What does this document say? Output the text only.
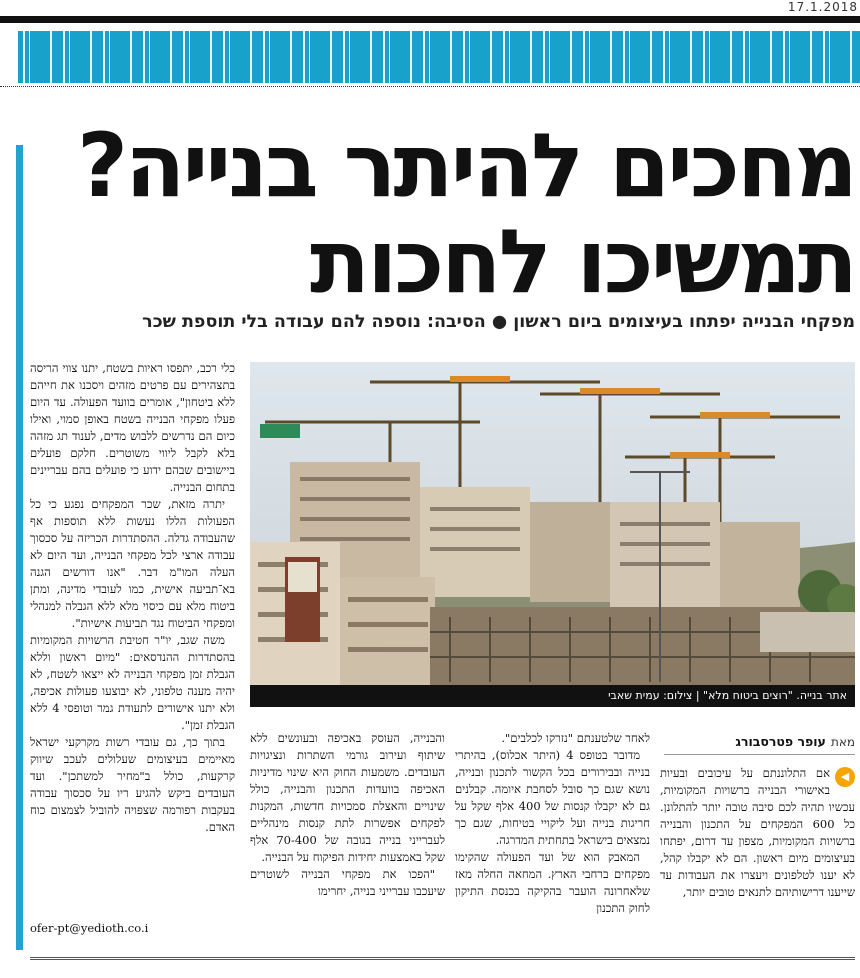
17.1.2018
מחכים להיתר בנייה?
תמשיכו לחכות
מפקחי הבנייה יפתחו בעיצומים ביום ראשון ● הסיבה: נוספה להם עבודה בלי תוספת שכר
אתר בנייה. "רוצים ביטוח מלא" | צילום: עמית שאבי
מאת עופר פטרסבורג
◀

אם התלוננתם על עיכובים ובעיות באישורי הבנייה ברשויות המקומיות, עכשיו תהיה לכם סיבה טובה יותר להתלונן. כל 600 המפקחים על התכנון והבנייה ברשויות המקומיות, מצפון עד דרום, יפתחו בעיצומים מיום ראשון. הם לא יקבלו קהל, לא יענו לטלפונים ויעצרו את העבודות עד שייענו דרישותיהם לתנאים טובים יותר,

לאחר שלטענתם "נזרקו לכלבים".

מדובר בטופס 4 (היתר אכלוס), בהיתרי בנייה ובבירורים בכל הקשור לתכנון ובנייה, נושא שגם כך סובל לסחבת איומה. קבלנים גם לא יקבלו קנסות של 400 אלף שקל על חריגות בנייה ועל ליקויי בטיחות, שגם כך נמצאים בישראל בתחתית המדרגה.

המאבק הוא של ועד הפעולה שהקימו מפקחים ברחבי הארץ. המחאה החלה מאז שלאחרונה הועבר בהקיקה בכנסת התיקון לחוק התכנון

והבנייה, העוסק באכיפה ובעונשים ללא שיתוף ועירוב גורמי השתרות ונציגויות העובדים. משמעות החוק היא שינוי מדיניות האכיפה בוועדות התכנון והבנייה, כולל שינויים והאצלת סמכויות חדשות, המקנות לפקחים אפשרות לתת קנסות מינהליים לעברייני בנייה בגובה של 70-400 אלף שקל באמצעות יחידות הפיקוח על הבנייה.

"הפכו את מפקחי הבנייה לשוטרים שיעכבו עברייני בנייה, יחרימו

כלי רכב, יתפסו ראיות בשטח, יתנו צווי הריסה בתצהירים עם פרטים מזהים ויסכנו את חייהם ללא ביטחון", אומרים בוועד הפעולה. עד היום פעלו מפקחי הבנייה בשטח באופן סמוי, ואילו כיום הם נדרשים ללבוש מדים, לענוד תג מזהה בלא לקבל ליווי משוטרים. חלקם פועלים ביישובים שבהם ידוע כי פועלים בהם עבריינים בתחום הבנייה.

יתרה מזאת, שכר המפקחים נפגע כי כל הפעולות הללו נעשות ללא תוספות אף שהעבודה גדלה. ההסתדרות הכריזה על סכסוך עבודה ארצי לכל מפקחי הבנייה, ועד היום לא העלה המו"מ דבר. "אנו דורשים הגנה בא־תביעה אישית, כמו לעובדי מדינה, ומתן ביטוח מלא עם כיסוי מלא ללא הגבלה למנהלי ומפקחי הביטוח נגד תביעות אישיות".

משה שגב, יו"ר חטיבת הרשויות המקומיות בהסתדרות ההנדסאים: "מיום ראשון וללא הגבלת זמן מפקחי הבנייה לא ייצאו לשטח, לא יהיה מענה טלפוני, לא יבוצעו פעולות אכיפה, ולא יתנו אישורים לתעודת גמר וטופסי 4 ללא הגבלת זמן".

בתוך כך, גם עובדי רשות מקרקעי ישראל מאיימים בעיצומים שעלולים לעכב שיווק קרקעות, כולל ב"מחיר למשתכן". ועד העובדים ביקש להגיע ריו על סכסוך עבודה בעקבות רפורמה שצפויה להוביל לצמצום כוח האדם.

ofer-pt@yedioth.co.i
